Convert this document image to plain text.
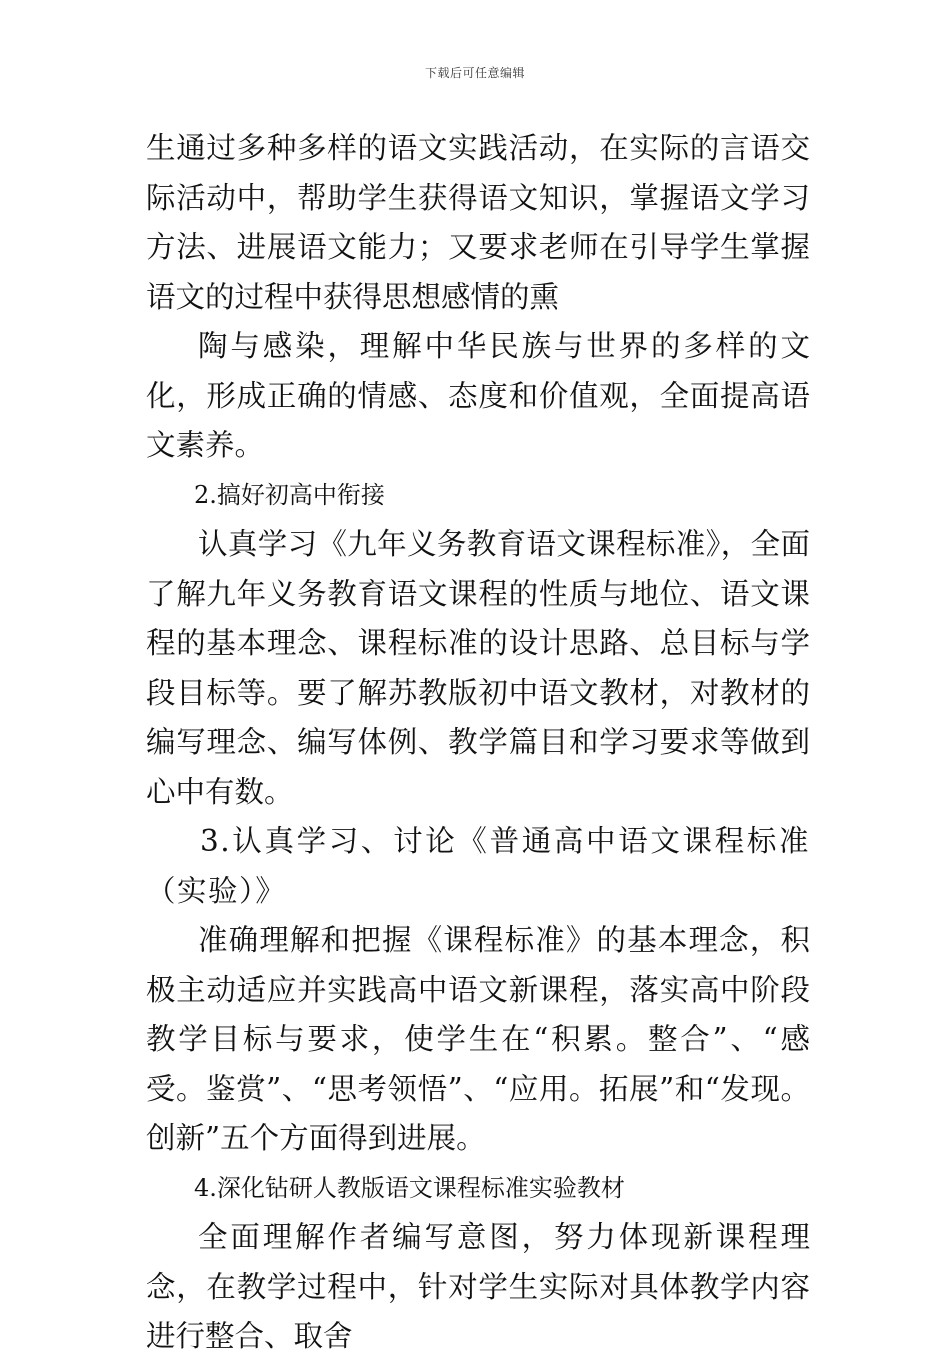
下载后可任意编辑

生通过多种多样的语文实践活动，在实际的言语交际活动中，帮助学生获得语文知识，掌握语文学习方法、进展语文能力；又要求老师在引导学生掌握语文的过程中获得思想感情的熏

陶与感染，理解中华民族与世界的多样的文化，形成正确的情感、态度和价值观，全面提高语文素养。

2.搞好初高中衔接

认真学习《九年义务教育语文课程标准》，全面了解九年义务教育语文课程的性质与地位、语文课程的基本理念、课程标准的设计思路、总目标与学段目标等。要了解苏教版初中语文教材，对教材的编写理念、编写体例、教学篇目和学习要求等做到心中有数。

3.认真学习、讨论《普通高中语文课程标准（实验）》

准确理解和把握《课程标准》的基本理念，积极主动适应并实践高中语文新课程，落实高中阶段教学目标与要求，使学生在“积累。整合”、“感受。鉴赏”、“思考领悟”、“应用。拓展”和“发现。创新”五个方面得到进展。

4.深化钻研人教版语文课程标准实验教材

全面理解作者编写意图，努力体现新课程理念，在教学过程中，针对学生实际对具体教学内容进行整合、取舍
